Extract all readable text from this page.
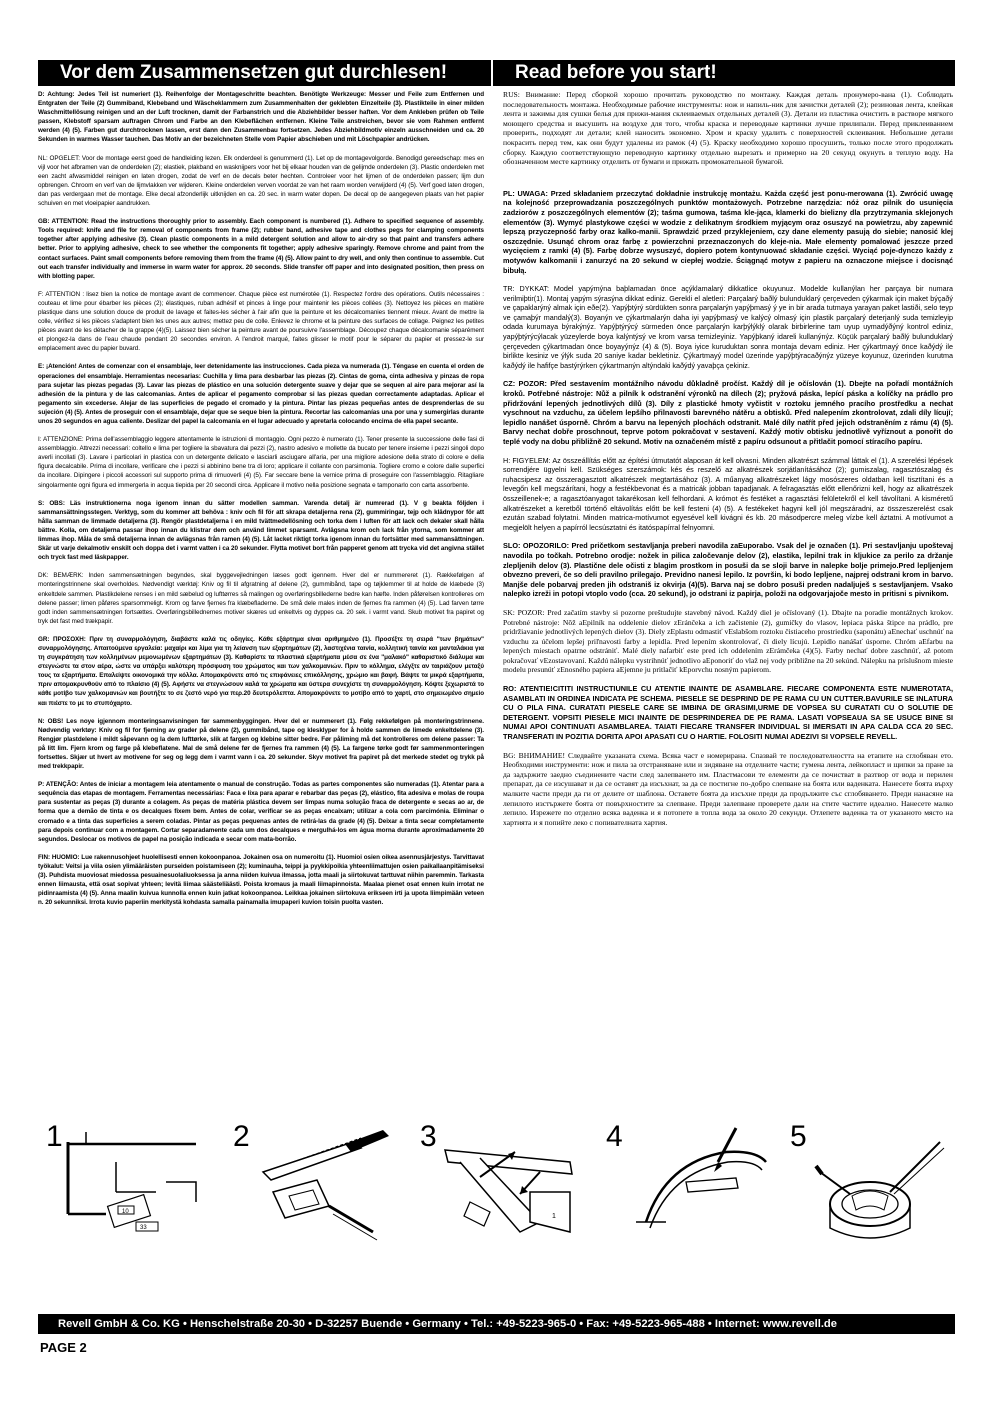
Vor dem Zusammensetzen gut durchlesen!	Read before you start!

D: Achtung: Jedes Teil ist numeriert (1). Reihenfolge der Montageschritte beachten. Benötigte Werkzeuge: Messer und Feile zum Entfernen und Entgraten der Teile (2) Gummiband, Klebeband und Wäscheklammern zum Zusammenhalten der geklebten Einzelteile (3). Plastikteile in einer milden Waschmittellösung reinigen und an der Luft trocknen, damit der Farbanstrich und die Abziehbilder besser haften. Vor dem Ankleben prüfen ob Teile passen, Klebstoff sparsam auftragen Chrom und Farbe an den Klebeflächen entfernen. Kleine Teile anstreichen, bevor sie vom Rahmen entfernt werden (4) (5). Farben gut durchtrocknen lassen, erst dann den Zusammenbau fortsetzen. Jedes Abziehbildmotiv einzeln ausschneiden und ca. 20 Sekunden in warmes Wasser tauchen. Das Motiv an der bezeichneten Stelle vom Papier abschieben und mit Löschpapier andrücken.

NL: OPGELET: Voor de montage eerst goed de handleiding lezen. Elk onderdeel is genummerd (1). Let op de montagevolgorde. Benodigd gereedschap: mes en vijl voor het afbramen van de onderdelen (2); elastiek, plakband en wasknijpers voor het bij elkaar houden van de gelijmde onderdelen (3). Plastic onderdelen met een zacht afwasmiddel reinigen en laten drogen, zodat de verf en de decals beter hechten. Controleer voor het lijmen of de onderdelen passen; lijm dun opbrengen. Chroom en verf van de lijmvlakken ver wijderen. Kleine onderdelen verven voordat ze van het raam worden verwijderd (4) (5). Verf goed laten drogen, dan pas verdergaan met de montage. Elke decal afzonderlijk uitknijden en ca. 20 sec. in warm water dopen. De decal op de aangegeven plaats van het papier schuiven en met vloeipapier aandrukken.

GB: ATTENTION: Read the instructions thoroughly prior to assembly. Each component is numbered (1). Adhere to specified sequence of assembly. Tools required: knife and file for removal of components from frame (2); rubber band, adhesive tape and clothes pegs for clamping components together after applying adhesive (3). Clean plastic components in a mild detergent solution and allow to air-dry so that paint and transfers adhere better. Prior to applying adhesive, check to see whether the components fit together; apply adhesive sparingly. Remove chrome and paint from the contact surfaces. Paint small components before removing them from the frame (4) (5). Allow paint to dry well, and only then continue to assemble. Cut out each transfer individually and immerse in warm water for approx. 20 seconds. Slide transfer off paper and into designated position, then press on with blotting paper.

F: ATTENTION : lisez bien la notice de montage avant de commencer. Chaque pièce est numérotée (1). Respectez l'ordre des opérations. Outils nécessaires : couteau et lime pour ébarber les pièces (2); élastiques, ruban adhésif et pinces à linge pour maintenir les pièces collées (3). Nettoyez les pièces en matière plastique dans une solution douce de produit de lavage et faites-les sécher à l'air afin que la peinture et les décalcomanies tiennent mieux. Avant de mettre la colle, vérifiez si les pièces s'adaptent bien les unes aux autres; mettez peu de colle. Enlevez le chrome et la peinture des surfaces de collage. Peignez les petites pièces avant de les détacher de la grappe (4)(5). Laissez bien sécher la peinture avant de poursuivre l'assemblage. Découpez chaque décalcomanie séparément et plongez-la dans de l'eau chaude pendant 20 secondes environ. A l'endroit marqué, faites glisser le motif pour le séparer du papier et pressez-le sur emplacement avec du papier buvard.

E: ¡Atención! Antes de comenzar con el ensamblaje, leer detenidamente las instrucciones. Cada pieza va numerada (1). Téngase en cuenta el orden de operaciones del ensamblaje. Herramientas necesarias: Cuchilla y lima para desbarbar las piezas (2). Cintas de goma, cinta adhesiva y pinzas de ropa para sujetar las piezas pegadas (3). Lavar las piezas de plástico en una solución detergente suave y dejar que se sequen al aire para mejorar así la adhesión de la pintura y de las calcomanías. Antes de aplicar el pegamento comprobar si las piezas quedan correctamente adaptadas. Aplicar el pegamento sin excederse. Alejar de las superficies de pegado el cromado y la pintura. Pintar las piezas pequeñas antes de desprenderlas de su sujeción (4) (5). Antes de proseguir con el ensamblaje, dejar que se seque bien la pintura. Recortar las calcomanías una por una y sumergirlas durante unos 20 segundos en agua caliente. Deslizar del papel la calcomanía en el lugar adecuado y apretarla colocando encima de ella papel secante.

I: ATTENZIONE: Prima dell'assemblaggio leggere attentamente le istruzioni di montaggio. Ogni pezzo è numerato (1). Tener presente la successione delle fasi di assemblaggio. Attrezzi necessari: coltello e lima per togliere la sbavatura dai pezzi (2), nastro adesivo e mollette da bucato per tenere insieme i pezzi singoli dopo averli incollati (3). Lavare i particolari in plastica con un detergente delicato e lasciarli asciugare all'aria, per una migliore adesione della strato di colore e della figura decalcabile. Prima di incollare, verificare che i pezzi si abbinino bene tra di loro; applicare il collante con parsimonia. Togliere cromo e colore dalle superfici da incollare. Dipingere i piccoli accessori sul supporto prima di rimuoverli (4) (5). Far seccare bene la vernice prima di proseguire con l'assemblaggio. Ritagliare singolarmente ogni figura ed immergerla in acqua tiepida per 20 secondi circa. Applicare il motivo nella posizione segnata e tamponarlo con carta assorbente.

S: OBS: Läs instruktionerna noga igenom innan du sätter modellen samman. Varenda detalj är numrerad (1). V g beakta följden i sammansättningsstegen. Verktyg, som du kommer att behöva : kniv och fil för att skrapa detaljerna rena (2), gummiringar, tejp och klädnypor för att hålla samman de limmade detaljerna (3). Rengör plastdetaljerna i en mild tvättmedellösning och torka dem i luften för att lack och dekaler skall hålla bättre. Kolla, om detaljerna passar ihop innan du klistrar dem och använd limmet sparsamt. Avlägsna krom och lack från ytorna, som kommer att limmas ihop. Måla de små detaljerna innan de avlägsnas från ramen (4) (5). Låt lacket riktigt torka igenom innan du fortsätter med sammansättningen. Skär ut varje dekalmotiv enskilt och doppa det i varmt vatten i ca 20 sekunder. Flytta motivet bort från papperet genom att trycka vid det angivna stället och tryck fast med läskpapper.

DK: BEMÆRK: Inden sammensætningen begyndes, skal byggevejledningen læses godt igennem. Hver del er nummereret (1). Rækkefølgen af monteringstrinnene skal overholdes. Nødvendigt værktøj: Kniv og fil til afgratning af delene (2), gummibånd, tape og tøjklemmer til at holde de klæbede (3) enkeltdele sammen. Plastikdelene renses i en mild sæbelud og lufttørres så malingen og overføringsbillederne bedre kan hæfte. Inden påførelsen kontrolleres om delene passer; limen påføres sparsommeligt. Krom og farve fjernes fra klæbefladerne. De små dele males inden de fjernes fra rammen (4) (5). Lad farven tørre godt inden sammensætningen fortsættes. Overføringsbillednernes motiver skæres ud enkeltvis og dyppes ca. 20 sek. i varmt vand. Skub motivet fra papiret og tryk det fast med trækpapir.

GR: ΠΡΟΣΟΧΗ: Πριν τη συναρμολόγηση, διαβάστε καλά τις οδηγίες. Κάθε εξάρτημα είναι αριθμημένο (1). Προσέξτε τη σειρά "των βημάτων" συναρμολόγησης. Απαιτούμενα εργαλεία: μαχαίρι και λίμα για τη λείανση των εξαρτημάτων (2), λαστιχένια ταινία, κολλητική ταινία και μανταλάκια για τη συγκράτηση των κολλημένων μεμονωμένων εξαρτημάτων (3). Καθαρίστε τα πλαστικά εξαρτήματα μέσα σε ένα "μαλακό" καθαριστικό διάλυμα και στεγνώστε τα στον αέρα, ώστε να υπάρξει καλύτερη πρόσφυση του χρώματος και των χαλκομανιών. Πριν το κόλλημα, ελέγξτε αν ταιριάζουν μεταξύ τους τα εξαρτήματα. Επαλείψτε οικονομικά την κόλλα. Απομακρύνετε από τις επιφάνειες επικόλλησης, χρώμιο και βαφή. Βάψτε τα μικρά εξαρτήματα, πριν απομακρυνθούν από το πλαίσιο (4) (5). Αφήστε να στεγνώσουν καλά τα χρώματα και ύστερα συνεχίστε τη συναρμολόγηση. Κόψτε ξεχωριστά το κάθε μοτίβο των χαλκομανιών και βουτήξτε το σε ζεστό νερό για περ.20 δευτερόλεπτα. Απομακρύνετε το μοτίβο από το χαρτί, στο σημειωμένο σημείο και πιέστε το με το στυπόχαρτο.

N: OBS! Les noye igjennom monteringsanvisningen før sammenbyggingen. Hver del er nummerert (1). Følg rekkefølgen på monteringstrinnene. Nødvendig verktøy: Kniv og fil for fjerning av grader på delene (2), gummibånd, tape og klesklyper for å holde sammen de limede enkeltdelene (3). Rengjør plastdelene i mildt såpevann og la dem lufttørke, slik at fargen og klebine sitter bedre. Før påliming må det kontrolleres om delene passer: Ta på litt lim. Fjern krom og farge på klebeflatene. Mal de små delene før de fjernes fra rammen (4) (5). La fargene tørke godt før sammenmonteringen fortsettes. Skjær ut hvert av motivene for seg og legg dem i varmt vann i ca. 20 sekunder. Skyv motivet fra papiret på det merkede stedet og trykk på med trekkpapir.

P: ATENÇÃO: Antes de iniciar a montagem leia atentamente o manual de construção. Todas as partes componentes são numeradas (1). Atentar para a sequência das etapas de montagem. Ferramentas necessárias: Faca e lixa para aparar e rebarbar das peças (2), elástico, fita adesiva e molas de roupa para sustentar as peças (3) durante a colagem. As peças de matéria plástica devem ser limpas numa solução fraca de detergente e secas ao ar, de forma que a demão de tinta e os decalques fixem bem. Antes de colar, verificar se as peças encaixam; utilizar a cola com parcimónia. Eliminar o cromado e a tinta das superfícies a serem coladas. Pintar as peças pequenas antes de retirá-las da grade (4) (5). Deixar a tinta secar completamente para depois continuar com a montagem. Cortar separadamente cada um dos decalques e mergulhá-los em água morna durante aproximadamente 20 segundos. Deslocar os motivos de papel na posição indicada e secar com mata-borrão.

FIN: HUOMIO: Lue rakennusohjeet huolellisesti ennen kokoonpanoa. Jokainen osa on numeroitu (1). Huomioi osien oikea asennusjärjestys. Tarvittavat työkalut: Veitsi ja viila osien ylimääräisten purseiden poistamiseen (2); kuminauha, teippi ja pyykkipoikia yhteenliimattujen osien paikallaanpitämiseksi (3). Puhdista muoviosat miedossa pesuainesuolaliuoksessa ja anna niiden kuivua ilmassa, jotta maali ja siirtokuvat tarttuvat niihin paremmin. Tarkasta ennen liimausta, että osat sopivat yhteen; levitä liimaa säästeliäästi. Poista kromaus ja maali liimapinnoista. Maalaa pienet osat ennen kuin irrotat ne pidinraamista (4) (5). Anna maalin kuivua kunnolla ennen kuin jatkat kokoonpanoa. Leikkaa jokainen siirtokuva erikseen irti ja upota liimpimään veteen n. 20 sekunniksi. Irrota kuvio paperiin merkitystä kohdasta samalla painamalla imupaperi kuvion toisin puolta vasten.

RUS: Внимание: Перед сборкой хорошо прочитать руководство по монтажу. Каждая деталь пронумеро-вана (1). Соблюдать последовательность монтажа. Необходимые рабочие инструменты: нож и напиль-ник для зачистки деталей (2); резиновая лента, клейкая лента и зажимы для сушки белья для прижи-мания склеиваемых отдельных деталей (3). Детали из пластика очистить в растворе мягкого моющего средства и высушить на воздухе для того, чтобы краска и переводные картинки лучше прилипали. Перед приклеиванием проверить, подходят ли детали; клей наносить экономно. Хром и краску удалить с поверхностей склеивания. Небольшие детали покрасить перед тем, как они будут удалены из рамок (4) (5). Краску необходимо хорошо просушить, только после этого продолжать сборку. Каждую соответствующую переводную картинку отдельно вырезать и примерно на 20 секунд окунуть в теплую воду. На обозначенном месте картинку отделить от бумаги и прижать промокательной бумагой.

PL: UWAGA: Przed składaniem przeczytać dokładnie instrukcję montażu. Każda część jest ponu-merowana (1). Zwrócić uwagę na kolejność przeprowadzania poszczególnych punktów montażowych. Potrzebne narzędzia: nóż oraz pilnik do usunięcia zadziorów z poszczególnych elementów (2); taśma gumowa, taśma kle-jąca, klamerki do bielizny dla przytrzymania sklejonych elementów (3). Wymyć plastykowe części w wodzie z delikatnym środkiem myjącym oraz osuszyć na powietrzu, aby zapewnić lepszą przyczepność farby oraz kalko-manii. Sprawdzić przed przyklejeniem, czy dane elementy pasują do siebie; nanosić klej oszczędnie. Usunąć chrom oraz farbę z powierzchni przeznaczonych do kleje-nia. Małe elementy pomalować jeszcze przed wycięciem z ramki (4) (5). Farbę dobrze wysuszyć, dopiero potem kontynuować składanie części. Wyciąć poje-dynczo każdy z motywów kalkomanii i zanurzyć na 20 sekund w ciepłej wodzie. Ściągnąć motyw z papieru na oznaczone miejsce i docisnąć bibułą.

TR: DYKKAT: Model yapýmýna baþlamadan önce açýklamalarý dikkatlice okuyunuz. Modelde kullanýlan her parçaya bir numara verilmiþtir(1). Montaj yapým sýrasýna dikkat ediniz. Gerekli el aletleri: Parçalarý baðlý bulunduklarý çerçeveden çýkarmak için maket býçaðý ve çapaklarýný almak için eðe(2). Yapýþtýrý sürdükten sonra parçalarýn yapýþmasý ý ye in bir arada tutmaya yarayan paket lastiði, selo teyp ve çamaþýr mandalý(3). Boyanýn ve çýkartmalarýn daha iyi yapýþmasý ve kalýcý olmasý için plastik parçalarý deterjanlý suda temizleyip odada kurumaya býrakýnýz. Yapýþtýrýcý sürmeden önce parçalarýn karþýlýklý olarak birbirlerine tam uyup uymadýðýný kontrol ediniz, yapýþtýrýcýlacak yüzeylerde boya kalýntýsý ve krom varsa temizleyiniz. Yapýþkaný idareli kullanýnýz. Küçük parçalarý baðlý bulunduklarý çerçeveden çýkartmadan önce boyayýnýz (4) & (5). Boya iyice kuruduktan sonra montaja devam ediniz. Her çýkartmayý önce kaðýdý ile birlikte kesiniz ve ýlýk suda 20 saniye kadar bekletiniz. Çýkartmayý model üzerinde yapýþtýracaðýnýz yüzeye koyunuz, üzerinden kurutma kaðýdý ile hafifçe bastýrýrken çýkartmanýn altýndaki kaðýdý yavaþça çekiniz.

CZ: POZOR: Před sestavením montážního návodu důkladně pročíst. Každý díl je očíslován (1). Dbejte na pořadí montážních kroků. Potřebné nástroje: Nůž a pilník k odstranění výronků na dílech (2); pryžová páska, lepící páska a kolíčky na prádlo pro přidržování lepených jednotlivých dílů (3). Díly z plastické hmoty vyčistit v roztoku jemného pracího prostředku a nechat vyschnout na vzduchu, za účelem lepšího přilnavosti barevného nátěru a obtisků. Před nalepením zkontrolovat, zdali díly lícují; lepidlo nanášet úsporně. Chróm a barvu na lepených plochách odstranit. Malé díly natřít před jejich odstraněním z rámu (4) (5). Barvy nechat dobře proschnout, teprve potom pokračovat v sestavení. Každý motiv obtisku jednotlivě vyříznout a ponořit do teplé vody na dobu přibližně 20 sekund. Motiv na označeném místě z papíru odsunout a přitlačit pomocí stíracího papíru.

H: FIGYELEM: Az összeállítás előtt az építési útmutatót alaposan át kell olvasni. Minden alkatrészt számmal láttak el (1). A szerelési lépések sorrendjére ügyelni kell. Szükséges szerszámok: kés és reszelő az alkatrészek sorjátlanításához (2); gumiszalag, ragasztószalag és ruhacsipesz az összeragasztott alkatrészek megtartásához (3). A műanyag alkatrészeket lágy mosószeres oldatban kell tisztítani és a levegőn kell megszárítani, hogy a festékbevonat és a matricák jobban tapadjanak. A felragasztás előtt ellenőrizni kell, hogy az alkatrészek összeillenek-e; a ragasztóanyagot takarékosan kell felhordani. A krómot és festéket a ragasztási felületekről el kell távolítani. A kisméretű alkatrészeket a keretből történő eltávolítás előtt be kell festeni (4) (5). A festékeket hagyni kell jól megszáradni, az összeszerelést csak ezután szabad folytatni. Minden matrica-motívumot egyesével kell kivágni és kb. 20 másodpercre meleg vízbe kell áztatni. A motívumot a megjelölt helyen a papírról lecsúsztatni és itatóspapírral felnyomni.

SLO: OPOZORILO: Pred pričetkom sestavljanja preberi navodila zaEuporabo. Vsak del je označen (1). Pri sestavljanju upoštevaj navodila po točkah. Potrebno orodje: nožek in pilica zaločevanje delov (2), elastika, lepilni trak in kljukice za perilo za držanje zlepljenih delov (3). Plastične dele očisti z blagim prostkom in posuši da se sloji barve in nalepke bolje primejo.Pred lepljenjem obvezno preveri, če so deli pravilno prilegajo. Previdno nanesi lepilo. Iz površin, ki bodo lepljene, najprej odstrani krom in barvo. Manjše dele pobarvaj preden jih odstraniš iz okvirja (4)(5). Barva naj se dobro posuši preden nadaljuješ s sestavljanjem. Vsako nalepko izreži in potopi vtoplo vodo (cca. 20 sekund), jo odstrani iz papirja, položi na odgovarjajoče mesto in pritisni s pivnikom.

SK: POZOR: Pred začatím stavby si pozorne preštudujte stavebný návod. Každý diel je očíslovaný (1). Dbajte na poradie montážnych krokov. Potrebné nástroje: Nôž aEpilník na oddelenie dielov zEránčeka a ich začistenie (2), gumičky do vlasov, lepiaca páska štipce na prádlo, pre pridržiavanie jednotlivých lepených dielov (3). Diely zEplastu odmastiť vEslabšom roztoku čistiaceho prostriedku (saponátu) aEnechať uschnúť na vzduchu za účelom lepšej priľnavosti farby a lepidla. Pred lepením skontrolovať, či diely lícujú. Lepidlo nanášať úsporne. Chróm aEfarbu na lepených miestach opatrne odstrániť. Malé diely nafarbiť este pred ich oddelením zErámčeka (4)(5). Farby nechať dobre zaschnúť, až potom pokračovať vEzostavovaní. Každú nálepku vystrihnúť jednotlivo aEponoriť do vlaž nej vody približne na 20 sekúnd. Nálepku na príslušnom mieste modelu presunúť zEnosného papiera aEjemne ju pritlačiť kEporvchu nosným papierom.

RO: ATENTIE!CITITI INSTRUCTIUNILE CU ATENTIE INAINTE DE ASAMBLARE. FIECARE COMPONENTA ESTE NUMEROTATA, ASAMBLATI IN ORDINEA INDICATA PE SCHEMA. PIESELE SE DESPRIND DE PE RAMA CU UN CUTTER.BAVURILE SE INLATURA CU O PILA FINA. CURATATI PIESELE CARE SE IMBINA DE GRASIMI,URME DE VOPSEA SU CURATATI CU O SOLUTIE DE DETERGENT. VOPSITI PIESELE MICI INAINTE DE DESPRINDEREA DE PE RAMA. LASATI VOPSEAUA SA SE USUCE BINE SI NUMAI APOI CONTINUATI ASAMBLAREA. TAIATI FIECARE TRANSFER INDIVIDUAL SI IMERSATI IN APA CALDA CCA 20 SEC. TRANSFERATI IN POZITIA DORITA APOI APASATI CU O HARTIE. FOLOSITI NUMAI ADEZIVI SI VOPSELE REVELL.

BG: ВНИМАНИЕ! Следвайте указаната схема. Всяка част е номерирана. Спазвай те последователността на етапите на сглобяван ето. Необходими инструменти: нож и пила за отстраняване или и зидяване на отделните части; гумена лента, лейкопласт и щипки за пране за да задържите заедно съединените части след залепването им. Пластмасови те елементи да се почистват в разтвор от вода и перилен препарат, да се изсушават и да се оставят да изсъхнат, за да се постигне по-добро слепване на боята или ваденката. Нанесете боята върху малките части преди да ги от делите от шаблона. Оставете боята да изсъхне преди да продължите със сглобяването. Преди нанасяне на лепилото изстържете боята от повърхностите за слепване. Преди залепване проверете дали на стите частите идеално. Нанесете малко лепило. Изрежете по отделно всяка ваденка и я потопете в топла вода за около 20 секунди. Отлепете ваденка та от указаното място на хартията и я попийте леко с попивателната хартия.

1
10
33
2	3
1
4	5
Revell GmbH & Co. KG • Henschelstraße 20-30 • D-32257 Buende • Germany • Tel.: +49-5223-965-0 • Fax: +49-5223-965-488 • Internet: www.revell.de
PAGE 2
